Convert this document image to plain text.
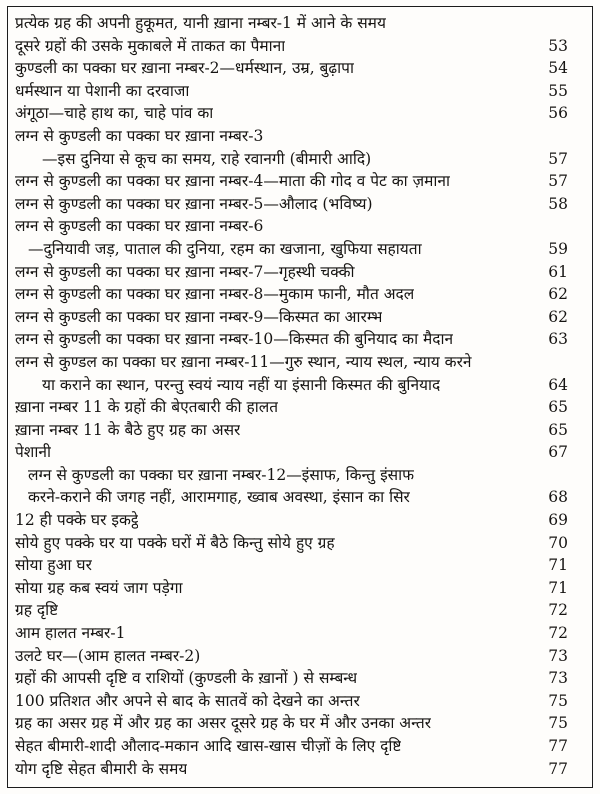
प्रत्येक ग्रह की अपनी हुकूमत, यानी ख़ाना नम्बर-1 में आने के समय
दूसरे ग्रहों की उसके मुकाबले में ताकत का पैमाना	53
कुण्डली का पक्का घर ख़ाना नम्बर-2—धर्मस्थान, उम्र, बुढ़ापा	54
धर्मस्थान या पेशानी का दरवाजा	55
अंगूठा—चाहे हाथ का, चाहे पांव का	56
लग्न से कुण्डली का पक्का घर ख़ाना नम्बर-3
—इस दुनिया से कूच का समय, राहे रवानगी (बीमारी आदि)	57
लग्न से कुण्डली का पक्का घर ख़ाना नम्बर-4—माता की गोद व पेट का ज़माना	57
लग्न से कुण्डली का पक्का घर ख़ाना नम्बर-5—औलाद (भविष्य)	58
लग्न से कुण्डली का पक्का घर ख़ाना नम्बर-6
—दुनियावी जड़, पाताल की दुनिया, रहम का खजाना, खुफिया सहायता	59
लग्न से कुण्डली का पक्का घर ख़ाना नम्बर-7—गृहस्थी चक्की	61
लग्न से कुण्डली का पक्का घर ख़ाना नम्बर-8—मुकाम फानी, मौत अदल	62
लग्न से कुण्डली का पक्का घर ख़ाना नम्बर-9—किस्मत का आरम्भ	62
लग्न से कुण्डली का पक्का घर ख़ाना नम्बर-10—किस्मत की बुनियाद का मैदान	63
लग्न से कुण्डल का पक्का घर ख़ाना नम्बर-11—गुरु स्थान, न्याय स्थल, न्याय करने
या कराने का स्थान, परन्तु स्वयं न्याय नहीं या इंसानी किस्मत की बुनियाद	64
ख़ाना नम्बर 11 के ग्रहों की बेएतबारी की हालत	65
ख़ाना नम्बर 11 के बैठे हुए ग्रह का असर	65
पेशानी	67
लग्न से कुण्डली का पक्का घर ख़ाना नम्बर-12—इंसाफ, किन्तु इंसाफ
करने-कराने की जगह नहीं, आरामगाह, ख्वाब अवस्था, इंसान का सिर	68
12 ही पक्के घर इकट्ठे	69
सोये हुए पक्के घर या पक्के घरों में बैठे किन्तु सोये हुए ग्रह	70
सोया हुआ घर	71
सोया ग्रह कब स्वयं जाग पड़ेगा	71
ग्रह दृष्टि	72
आम हालत नम्बर-1	72
उलटे घर—(आम हालत नम्बर-2)	73
ग्रहों की आपसी दृष्टि व राशियों (कुण्डली के ख़ानों ) से सम्बन्ध	73
100 प्रतिशत और अपने से बाद के सातवें को देखने का अन्तर	75
ग्रह का असर ग्रह में और ग्रह का असर दूसरे ग्रह के घर में और उनका अन्तर	75
सेहत बीमारी-शादी औलाद-मकान आदि खास-खास चीज़ों के लिए दृष्टि	77
योग दृष्टि सेहत बीमारी के समय	77
